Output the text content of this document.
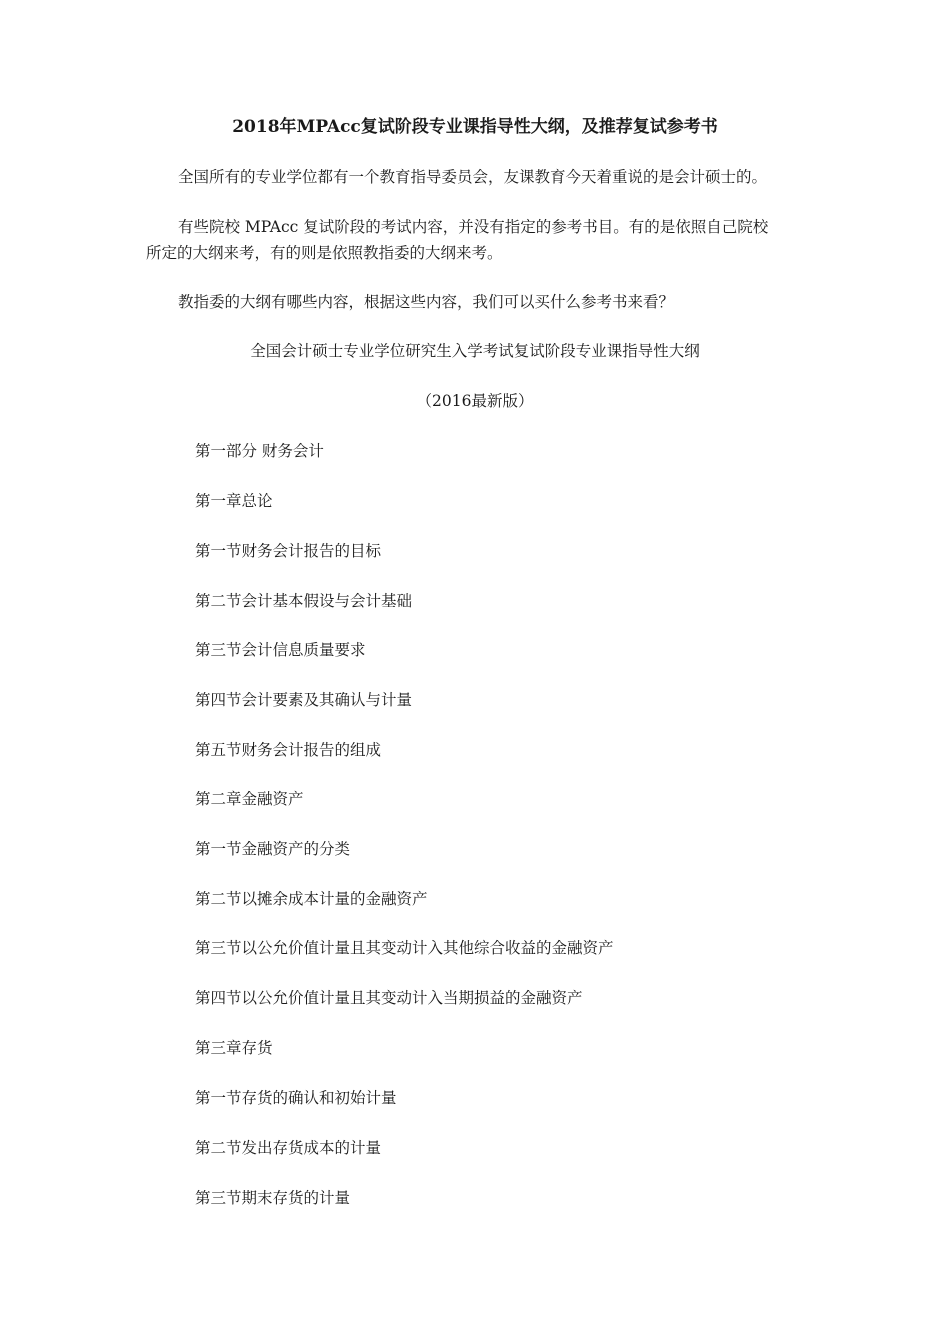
2018年MPAcc复试阶段专业课指导性大纲，及推荐复试参考书

全国所有的专业学位都有一个教育指导委员会，友课教育今天着重说的是会计硕士的。

有些院校 MPAcc 复试阶段的考试内容，并没有指定的参考书目。有的是依照自己院校

所定的大纲来考，有的则是依照教指委的大纲来考。

教指委的大纲有哪些内容，根据这些内容，我们可以买什么参考书来看？

全国会计硕士专业学位研究生入学考试复试阶段专业课指导性大纲

（2016最新版）

第一部分 财务会计

第一章总论

第一节财务会计报告的目标

第二节会计基本假设与会计基础

第三节会计信息质量要求

第四节会计要素及其确认与计量

第五节财务会计报告的组成

第二章金融资产

第一节金融资产的分类

第二节以摊余成本计量的金融资产

第三节以公允价值计量且其变动计入其他综合收益的金融资产

第四节以公允价值计量且其变动计入当期损益的金融资产

第三章存货

第一节存货的确认和初始计量

第二节发出存货成本的计量

第三节期末存货的计量
